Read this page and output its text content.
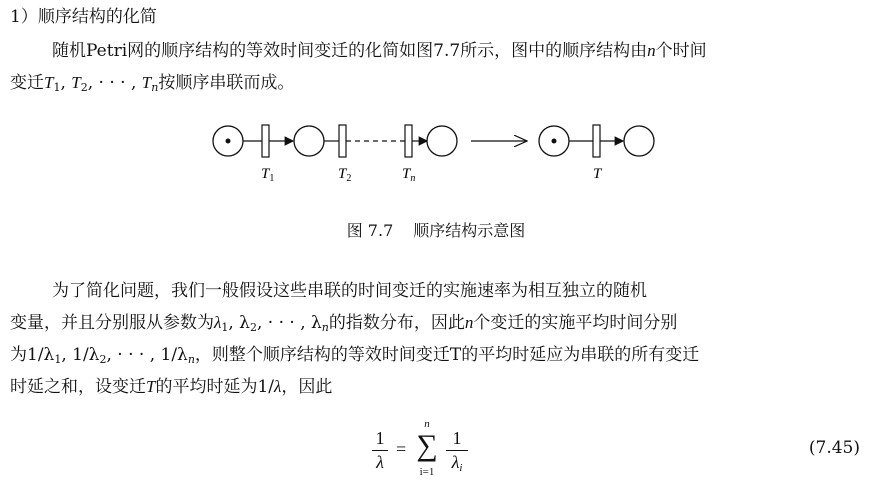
1）顺序结构的化简
随机Petri网的顺序结构的等效时间变迁的化简如图7.7所示，图中的顺序结构由n个时间
变迁$T_1$, $T_2$, · · · , $T_n$按顺序串联而成。
$T_1$	$T_2$	$T_n$	T
图 7.7 顺序结构示意图
为了简化问题，我们一般假设这些串联的时间变迁的实施速率为相互独立的随机
变量，并且分别服从参数为$\lambda_1$, $\lambda_2$, · · · , $\lambda_n$的指数分布，因此n个变迁的实施平均时间分别
为$1/\lambda_1$, $1/\lambda_2$, · · · , $1/\lambda_n$，则整个顺序结构的等效时间变迁T的平均时延应为串联的所有变迁
时延之和，设变迁T的平均时延为1/λ，因此
1
λ
=
n
∑
i=1
1
$\lambda_i$
(7.45)
